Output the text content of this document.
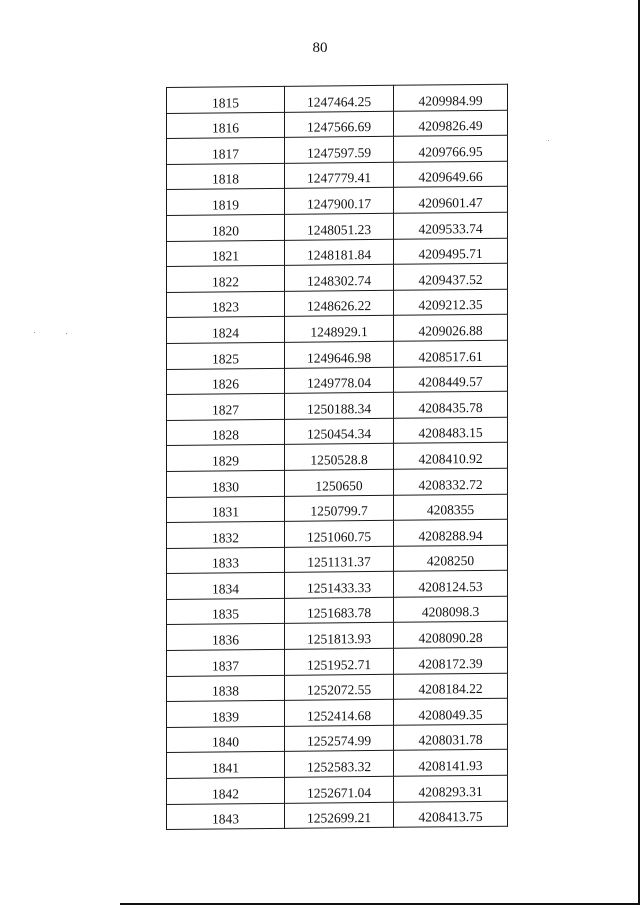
80
1815	1247464.25	4209984.99
1816	1247566.69	4209826.49
1817	1247597.59	4209766.95
1818	1247779.41	4209649.66
1819	1247900.17	4209601.47
1820	1248051.23	4209533.74
1821	1248181.84	4209495.71
1822	1248302.74	4209437.52
1823	1248626.22	4209212.35
1824	1248929.1	4209026.88
1825	1249646.98	4208517.61
1826	1249778.04	4208449.57
1827	1250188.34	4208435.78
1828	1250454.34	4208483.15
1829	1250528.8	4208410.92
1830	1250650	4208332.72
1831	1250799.7	4208355
1832	1251060.75	4208288.94
1833	1251131.37	4208250
1834	1251433.33	4208124.53
1835	1251683.78	4208098.3
1836	1251813.93	4208090.28
1837	1251952.71	4208172.39
1838	1252072.55	4208184.22
1839	1252414.68	4208049.35
1840	1252574.99	4208031.78
1841	1252583.32	4208141.93
1842	1252671.04	4208293.31
1843	1252699.21	4208413.75
